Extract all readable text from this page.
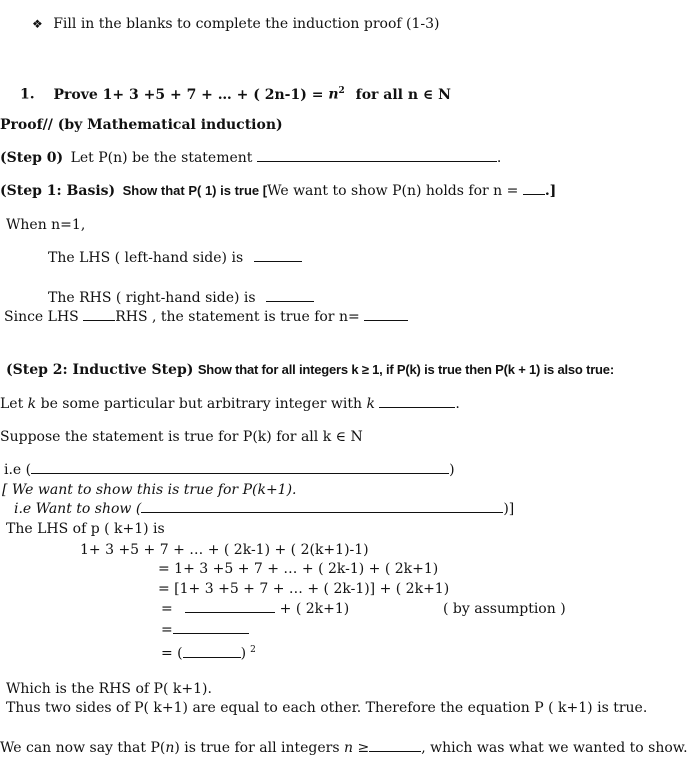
❖ Fill in the blanks to complete the induction proof (1-3)
1. Prove 1+ 3 +5 + 7 + … + ( $2n-1) = n^2$ for all n ∈ N
Proof// (by Mathematical induction)
(Step 0) Let P(n) be the statement	.
(Step 1: Basis) Show that P( 1) is true [We want to show P(n) holds for n = .]
When n=1,
The LHS ( left-hand side) is
The RHS ( right-hand side) is
Since LHS	RHS , the statement is true for n=
(Step 2: Inductive Step) Show that for all integers k ≥ 1, if P(k) is true then P(k + 1) is also true:
Let k be some particular but arbitrary integer with k	.
Suppose the statement is true for P(k) for all k ∈ N
i.e (	)
[ We want to show this is true for P(k+1).
i.e Want to show (	)]
The LHS of p ( k+1) is
1+ 3 +5 + 7 + … + ( 2k-1) + ( 2(k+1)-1)
= 1+ 3 +5 + 7 + … + ( 2k-1) + ( 2k+1)
= [1+ 3 +5 + 7 + … + ( 2k-1)] + ( 2k+1)
=	+ ( 2k+1)	( by assumption )
=
= (	) $^2$
Which is the RHS of P( k+1).
Thus two sides of P( k+1) are equal to each other. Therefore the equation P ( k+1) is true.
We can now say that P(n) is true for all integers n ≥	, which was what we wanted to show.
